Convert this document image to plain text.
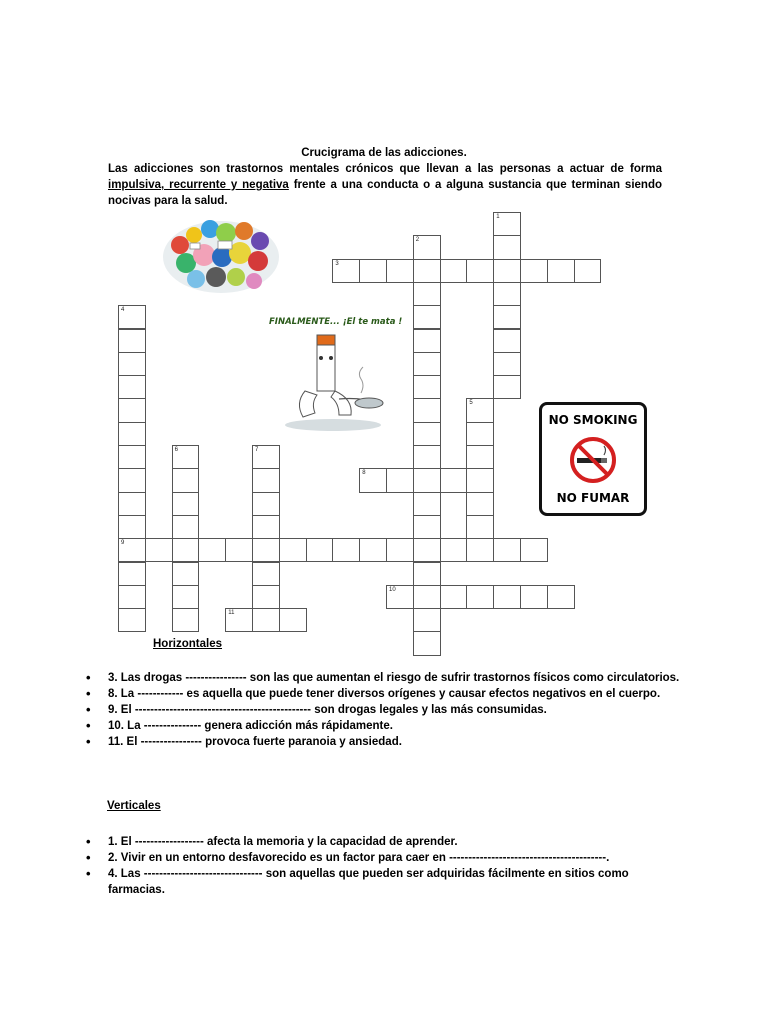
Crucigrama de las adicciones.
Las adicciones son trastornos mentales crónicos que llevan a las personas a actuar de forma impulsiva, recurrente y negativa frente a una conducta o a alguna sustancia que terminan siendo nocivas para la salud.
FINALMENTE... ¡El te mata !
NO SMOKING
NO FUMAR
1
2
3
4
9
5
6	7
8
10
11
Horizontales
• 3. Las drogas ---------------- son las que aumentan el riesgo de sufrir trastornos físicos como circulatorios.
• 8. La ------------ es aquella que puede tener diversos orígenes y causar efectos negativos en el cuerpo.
• 9. El ---------------------------------------------- son drogas legales y las más consumidas.
• 10. La --------------- genera adicción más rápidamente.
• 11. El ---------------- provoca fuerte paranoia y ansiedad.
Verticales
• 1. El ------------------ afecta la memoria y la capacidad de aprender.
• 2. Vivir en un entorno desfavorecido es un factor para caer en -----------------------------------------.
• 4. Las ------------------------------- son aquellas que pueden ser adquiridas fácilmente en sitios como farmacias.
